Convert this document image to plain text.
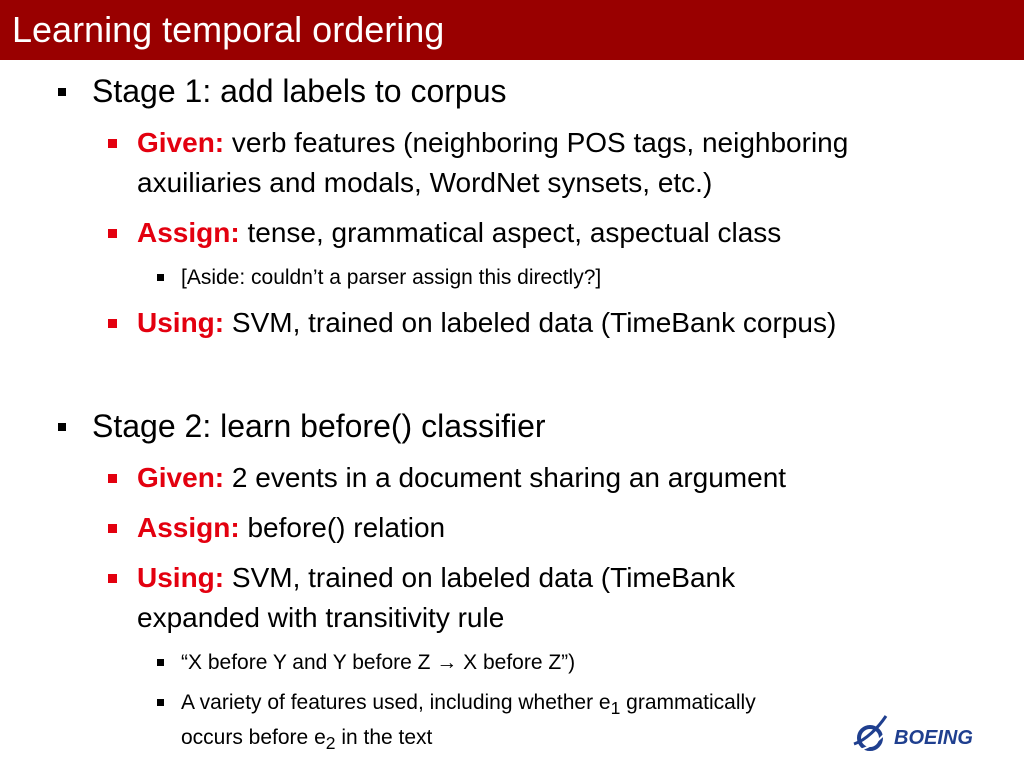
Learning temporal ordering
Stage 1: add labels to corpus
Given: verb features (neighboring POS tags, neighboring
axuiliaries and modals, WordNet synsets, etc.)
Assign: tense, grammatical aspect, aspectual class
[Aside: couldn’t a parser assign this directly?]
Using: SVM, trained on labeled data (TimeBank corpus)
Stage 2: learn before() classifier
Given: 2 events in a document sharing an argument
Assign: before() relation
Using: SVM, trained on labeled data (TimeBank
expanded with transitivity rule
“X before Y and Y before Z → X before Z”)
A variety of features used, including whether $e_1$ grammatically
occurs before $e_2$ in the text	BOEING
